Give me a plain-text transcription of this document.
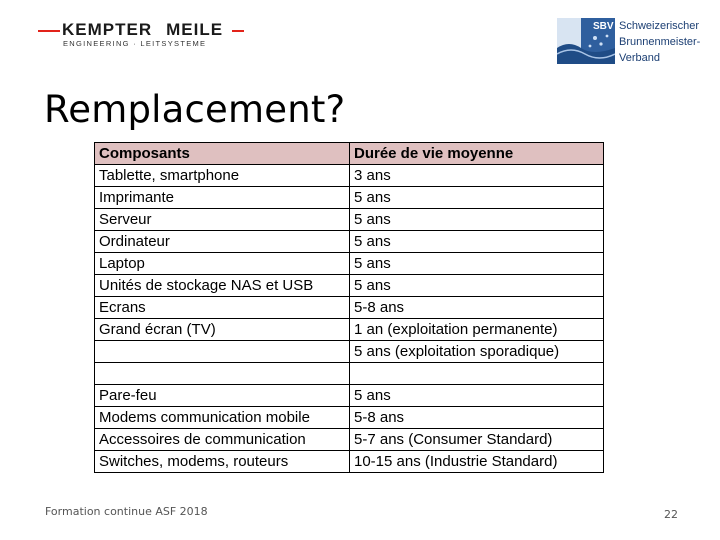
KEMPTER MEILE
ENGINEERING · LEITSYSTEME
SBV Schweizerischer
Brunnenmeister-
Verband
Remplacement?
Composants	Durée de vie moyenne
Tablette, smartphone	3 ans
Imprimante	5 ans
Serveur	5 ans
Ordinateur	5 ans
Laptop	5 ans
Unités de stockage NAS et USB	5 ans
Ecrans	5-8 ans
Grand écran (TV)	1 an (exploitation permanente)
	5 ans (exploitation sporadique)

Pare-feu	5 ans
Modems communication mobile	5-8 ans
Accessoires de communication	5-7 ans (Consumer Standard)
Switches, modems, routeurs	10-15 ans (Industrie Standard)
Formation continue ASF 2018	22
